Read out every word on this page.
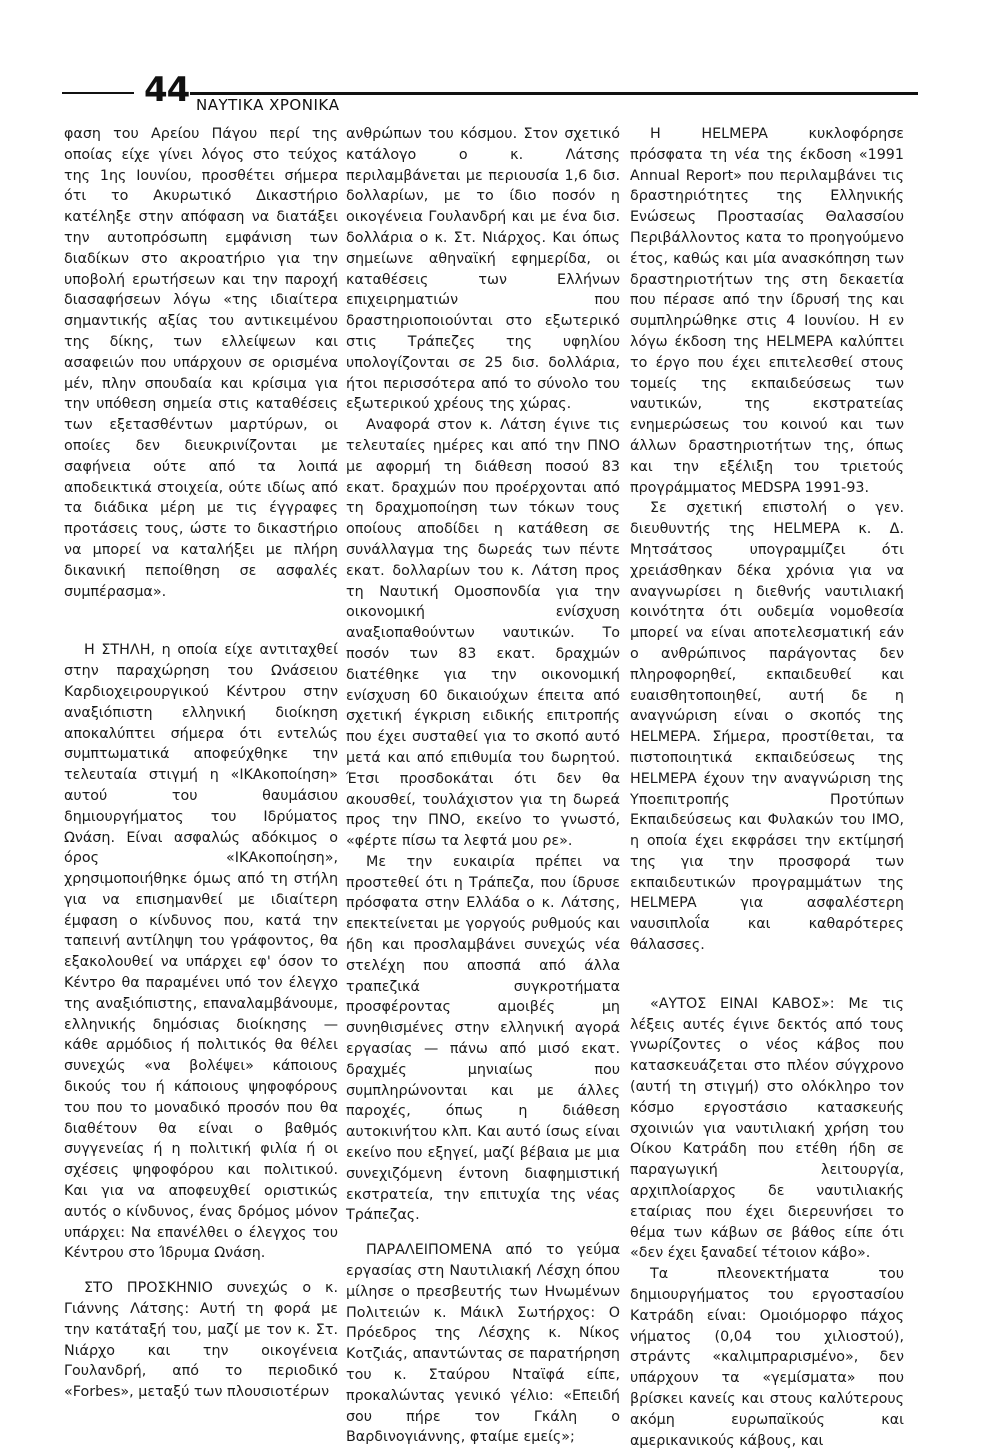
44 ΝΑΥΤΙΚΑ ΧΡΟΝΙΚΑ

φαση του Αρείου Πάγου περί της οποίας είχε γίνει λόγος στο τεύχος της 1ης Ιουνίου, προσθέτει σήμερα ότι το Ακυρωτικό Δικαστήριο κατέληξε στην απόφαση να διατάξει την αυτοπρόσωπη εμφάνιση των διαδίκων στο ακροατήριο για την υποβολή ερωτήσεων και την παροχή διασαφήσεων λόγω «της ιδιαίτερα σημαντικής αξίας του αντικειμένου της δίκης, των ελλείψεων και ασαφειών που υπάρχουν σε ορισμένα μέν, πλην σπουδαία και κρίσιμα για την υπόθεση σημεία στις καταθέσεις των εξετασθέντων μαρτύρων, οι οποίες δεν διευκρινίζονται με σαφήνεια ούτε από τα λοιπά αποδεικτικά στοιχεία, ούτε ιδίως από τα διάδικα μέρη με τις έγγραφες προτάσεις τους, ώστε το δικαστήριο να μπορεί να καταλήξει με πλήρη δικανική πεποίθηση σε ασφαλές συμπέρασμα».

Η ΣΤΗΛΗ, η οποία είχε αντιταχθεί στην παραχώρηση του Ωνάσειου Καρδιοχειρουργικού Κέντρου στην αναξιόπιστη ελληνική διοίκηση αποκαλύπτει σήμερα ότι εντελώς συμπτωματικά αποφεύχθηκε την τελευταία στιγμή η «ΙΚΑκοποίηση» αυτού του θαυμάσιου δημιουργήματος του Ιδρύματος Ωνάση. Είναι ασφαλώς αδόκιμος ο όρος «ΙΚΑκοποίηση», χρησιμοποιήθηκε όμως από τη στήλη για να επισημανθεί με ιδιαίτερη έμφαση ο κίνδυνος που, κατά την ταπεινή αντίληψη του γράφοντος, θα εξακολουθεί να υπάρχει εφ' όσον το Κέντρο θα παραμένει υπό τον έλεγχο της αναξιόπιστης, επαναλαμβάνουμε, ελληνικής δημόσιας διοίκησης — κάθε αρμόδιος ή πολιτικός θα θέλει συνεχώς «να βολέψει» κάποιους δικούς του ή κάποιους ψηφοφόρους του που το μοναδικό προσόν που θα διαθέτουν θα είναι ο βαθμός συγγενείας ή η πολιτική φιλία ή οι σχέσεις ψηφοφόρου και πολιτικού. Και για να αποφευχθεί οριστικώς αυτός ο κίνδυνος, ένας δρόμος μόνον υπάρχει: Να επανέλθει ο έλεγχος του Κέντρου στο Ίδρυμα Ωνάση.

ΣΤΟ ΠΡΟΣΚΗΝΙΟ συνεχώς ο κ. Γιάννης Λάτσης: Αυτή τη φορά με την κατάταξή του, μαζί με τον κ. Στ. Νιάρχο και την οικογένεια Γουλανδρή, από το περιοδικό «Forbes», μεταξύ των πλουσιοτέρων

ανθρώπων του κόσμου. Στον σχετικό κατάλογο ο κ. Λάτσης περιλαμβάνεται με περιουσία 1,6 δισ. δολλαρίων, με το ίδιο ποσόν η οικογένεια Γουλανδρή και με ένα δισ. δολλάρια ο κ. Στ. Νιάρχος. Και όπως σημείωνε αθηναϊκή εφημερίδα, οι καταθέσεις των Ελλήνων επιχειρηματιών που δραστηριοποιούνται στο εξωτερικό στις Τράπεζες της υφηλίου υπολογίζονται σε 25 δισ. δολλάρια, ήτοι περισσότερα από το σύνολο του εξωτερικού χρέους της χώρας.

Αναφορά στον κ. Λάτση έγινε τις τελευταίες ημέρες και από την ΠΝΟ με αφορμή τη διάθεση ποσού 83 εκατ. δραχμών που προέρχονται από τη δραχμοποίηση των τόκων τους οποίους αποδίδει η κατάθεση σε συνάλλαγμα της δωρεάς των πέντε εκατ. δολλαρίων του κ. Λάτση προς τη Ναυτική Ομοσπονδία για την οικονομική ενίσχυση αναξιοπαθούντων ναυτικών. Το ποσόν των 83 εκατ. δραχμών διατέθηκε για την οικονομική ενίσχυση 60 δικαιούχων έπειτα από σχετική έγκριση ειδικής επιτροπής που έχει συσταθεί για το σκοπό αυτό μετά και από επιθυμία του δωρητού. Έτσι προσδοκάται ότι δεν θα ακουσθεί, τουλάχιστον για τη δωρεά προς την ΠΝΟ, εκείνο το γνωστό, «φέρτε πίσω τα λεφτά μου ρε».

Με την ευκαιρία πρέπει να προστεθεί ότι η Τράπεζα, που ίδρυσε πρόσφατα στην Ελλάδα ο κ. Λάτσης, επεκτείνεται με γοργούς ρυθμούς και ήδη και προσλαμβάνει συνεχώς νέα στελέχη που αποσπά από άλλα τραπεζικά συγκροτήματα προσφέροντας αμοιβές μη συνηθισμένες στην ελληνική αγορά εργασίας — πάνω από μισό εκατ. δραχμές μηνιαίως που συμπληρώνονται και με άλλες παροχές, όπως η διάθεση αυτοκινήτου κλπ. Και αυτό ίσως είναι εκείνο που εξηγεί, μαζί βέβαια με μια συνεχιζόμενη έντονη διαφημιστική εκστρατεία, την επιτυχία της νέας Τράπεζας.

ΠΑΡΑΛΕΙΠΟΜΕΝΑ από το γεύμα εργασίας στη Ναυτιλιακή Λέσχη όπου μίλησε ο πρεσβευτής των Ηνωμένων Πολιτειών κ. Μάικλ Σωτήρχος: Ο Πρόεδρος της Λέσχης κ. Νίκος Κοτζιάς, απαντώντας σε παρατήρηση του κ. Σταύρου Νταϊφά είπε, προκαλώντας γενικό γέλιο: «Επειδή σου πήρε τον Γκάλη ο Βαρδινογιάννης, φταίμε εμείς»;

Η HELMEPA κυκλοφόρησε πρόσφατα τη νέα της έκδοση «1991 Annual Report» που περιλαμβάνει τις δραστηριότητες της Ελληνικής Ενώσεως Προστασίας Θαλασσίου Περιβάλλοντος κατα το προηγούμενο έτος, καθώς και μία ανασκόπηση των δραστηριοτήτων της στη δεκαετία που πέρασε από την ίδρυσή της και συμπληρώθηκε στις 4 Ιουνίου. Η εν λόγω έκδοση της HELMEPA καλύπτει το έργο που έχει επιτελεσθεί στους τομείς της εκπαιδεύσεως των ναυτικών, της εκστρατείας ενημερώσεως του κοινού και των άλλων δραστηριοτήτων της, όπως και την εξέλιξη του τριετούς προγράμματος MEDSPA 1991-93.

Σε σχετική επιστολή ο γεν. διευθυντής της HELMEPA κ. Δ. Μητσάτσος υπογραμμίζει ότι χρειάσθηκαν δέκα χρόνια για να αναγνωρίσει η διεθνής ναυτιλιακή κοινότητα ότι ουδεμία νομοθεσία μπορεί να είναι αποτελεσματική εάν ο ανθρώπινος παράγοντας δεν πληροφορηθεί, εκπαιδευθεί και ευαισθητοποιηθεί, αυτή δε η αναγνώριση είναι ο σκοπός της HELMEPA. Σήμερα, προστίθεται, τα πιστοποιητικά εκπαιδεύσεως της HELMEPA έχουν την αναγνώριση της Υποεπιτροπής Προτύπων Εκπαιδεύσεως και Φυλακών του IMO, η οποία έχει εκφράσει την εκτίμησή της για την προσφορά των εκπαιδευτικών προγραμμάτων της HELMEPA για ασφαλέστερη ναυσιπλοΐα και καθαρότερες θάλασσες.

«ΑΥΤΟΣ ΕΙΝΑΙ ΚΑΒΟΣ»: Με τις λέξεις αυτές έγινε δεκτός από τους γνωρίζοντες ο νέος κάβος που κατασκευάζεται στο πλέον σύγχρονο (αυτή τη στιγμή) στο ολόκληρο τον κόσμο εργοστάσιο κατασκευής σχοινιών για ναυτιλιακή χρήση του Οίκου Κατράδη που ετέθη ήδη σε παραγωγική λειτουργία, αρχιπλοίαρχος δε ναυτιλιακής εταίριας που έχει διερευνήσει το θέμα των κάβων σε βάθος είπε ότι «δεν έχει ξαναδεί τέτοιον κάβο».

Τα πλεονεκτήματα του δημιουργήματος του εργοστασίου Κατράδη είναι: Ομοιόμορφο πάχος νήματος (0,04 του χιλιοστού), στράντς «καλιμπραρισμένο», δεν υπάρχουν τα «γεμίσματα» που βρίσκει κανείς και στους καλύτερους ακόμη ευρωπαϊκούς και αμερικανικούς κάβους, και
